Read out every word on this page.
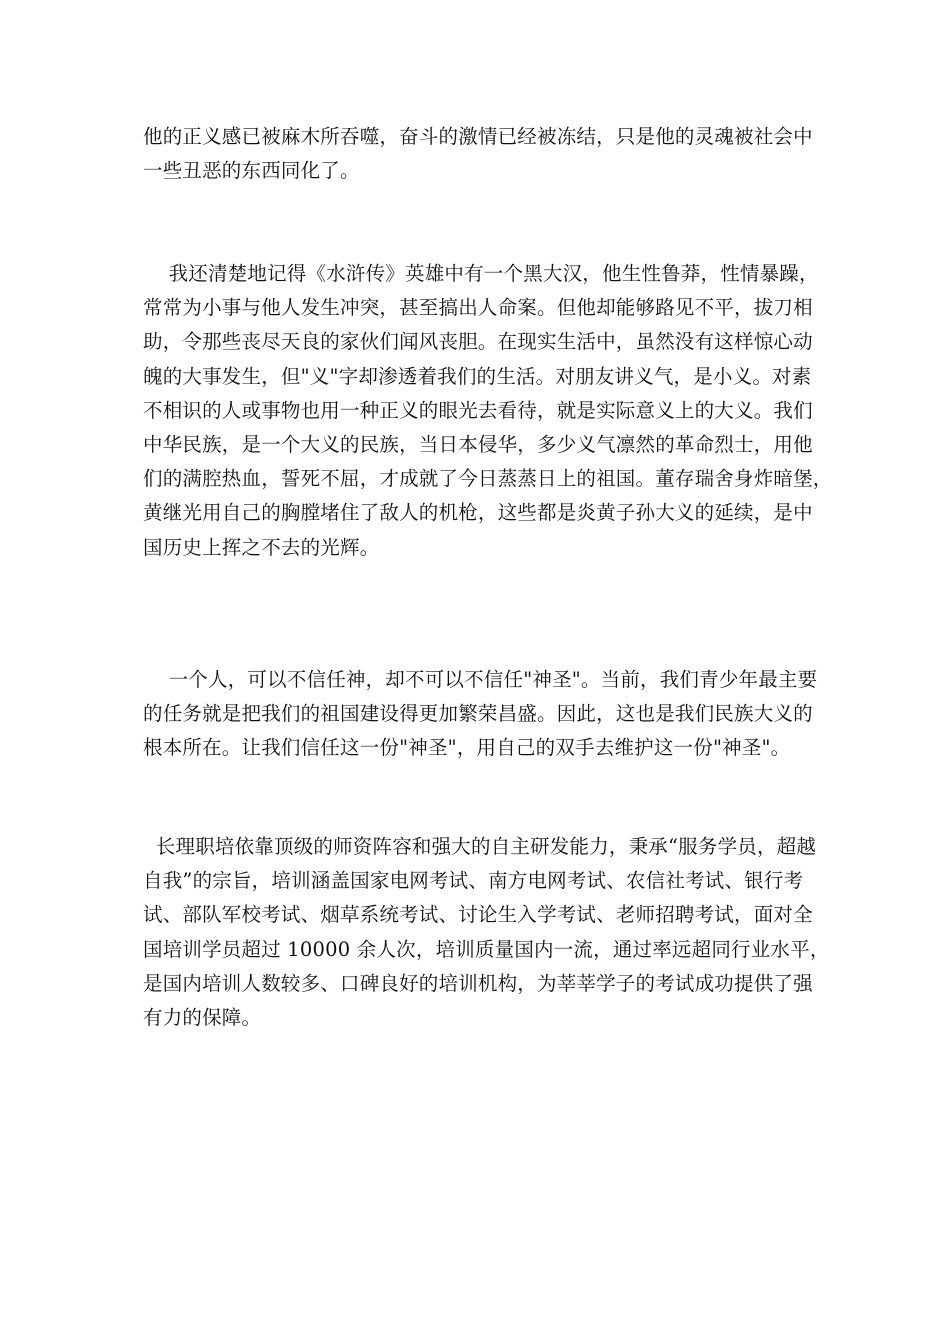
他的正义感已被麻木所吞噬，奋斗的激情已经被冻结，只是他的灵魂被社会中
一些丑恶的东西同化了。
我还清楚地记得《水浒传》英雄中有一个黑大汉，他生性鲁莽，性情暴躁，
常常为小事与他人发生冲突，甚至搞出人命案。但他却能够路见不平，拔刀相
助，令那些丧尽天良的家伙们闻风丧胆。在现实生活中，虽然没有这样惊心动
魄的大事发生，但"义"字却渗透着我们的生活。对朋友讲义气，是小义。对素
不相识的人或事物也用一种正义的眼光去看待，就是实际意义上的大义。我们
中华民族，是一个大义的民族，当日本侵华，多少义气凛然的革命烈士，用他
们的满腔热血，誓死不屈，才成就了今日蒸蒸日上的祖国。董存瑞舍身炸暗堡，
黄继光用自己的胸膛堵住了敌人的机枪，这些都是炎黄子孙大义的延续，是中
国历史上挥之不去的光辉。
一个人，可以不信任神，却不可以不信任"神圣"。当前，我们青少年最主要
的任务就是把我们的祖国建设得更加繁荣昌盛。因此，这也是我们民族大义的
根本所在。让我们信任这一份"神圣"，用自己的双手去维护这一份"神圣"。
长理职培依靠顶级的师资阵容和强大的自主研发能力，秉承“服务学员，超越
自我”的宗旨，培训涵盖国家电网考试、南方电网考试、农信社考试、银行考
试、部队军校考试、烟草系统考试、讨论生入学考试、老师招聘考试，面对全
国培训学员超过 10000 余人次，培训质量国内一流，通过率远超同行业水平，
是国内培训人数较多、口碑良好的培训机构，为莘莘学子的考试成功提供了强
有力的保障。
